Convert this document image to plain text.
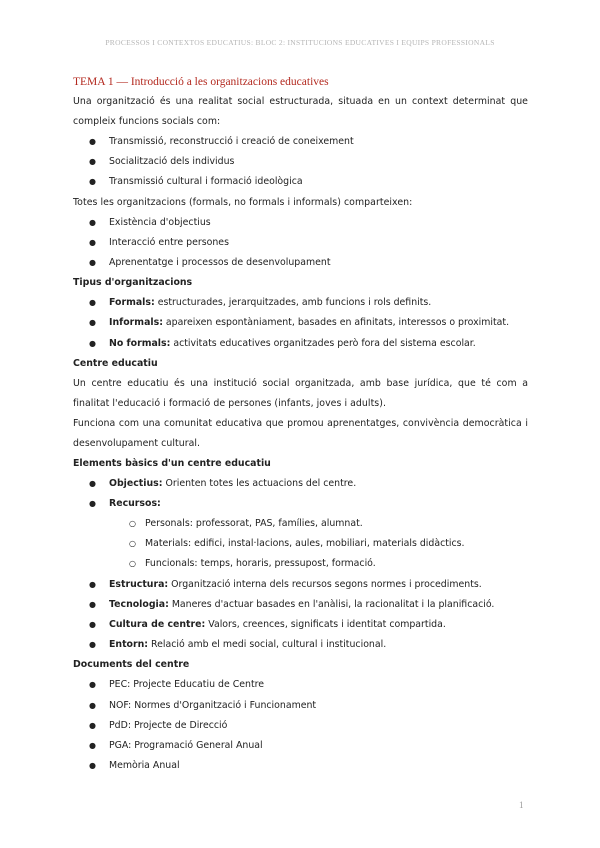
PROCESSOS I CONTEXTOS EDUCATIUS: BLOC 2: INSTITUCIONS EDUCATIVES I EQUIPS PROFESSIONALS
TEMA 1 — Introducció a les organitzacions educatives
Una organització és una realitat social estructurada, situada en un context determinat que compleix funcions socials com:
● Transmissió, reconstrucció i creació de coneixement
● Socialització dels individus
● Transmissió cultural i formació ideològica
Totes les organitzacions (formals, no formals i informals) comparteixen:
● Existència d'objectius
● Interacció entre persones
● Aprenentatge i processos de desenvolupament
Tipus d'organitzacions
● Formals: estructurades, jerarquitzades, amb funcions i rols definits.
● Informals: apareixen espontàniament, basades en afinitats, interessos o proximitat.
● No formals: activitats educatives organitzades però fora del sistema escolar.
Centre educatiu
Un centre educatiu és una institució social organitzada, amb base jurídica, que té com a finalitat l'educació i formació de persones (infants, joves i adults).
Funciona com una comunitat educativa que promou aprenentatges, convivència democràtica i desenvolupament cultural.
Elements bàsics d'un centre educatiu
● Objectius: Orienten totes les actuacions del centre.
● Recursos:
○ Personals: professorat, PAS, famílies, alumnat.
○ Materials: edifici, instal·lacions, aules, mobiliari, materials didàctics.
○ Funcionals: temps, horaris, pressupost, formació.
● Estructura: Organització interna dels recursos segons normes i procediments.
● Tecnologia: Maneres d'actuar basades en l'anàlisi, la racionalitat i la planificació.
● Cultura de centre: Valors, creences, significats i identitat compartida.
● Entorn: Relació amb el medi social, cultural i institucional.
Documents del centre
● PEC: Projecte Educatiu de Centre
● NOF: Normes d'Organització i Funcionament
● PdD: Projecte de Direcció
● PGA: Programació General Anual
● Memòria Anual
1
